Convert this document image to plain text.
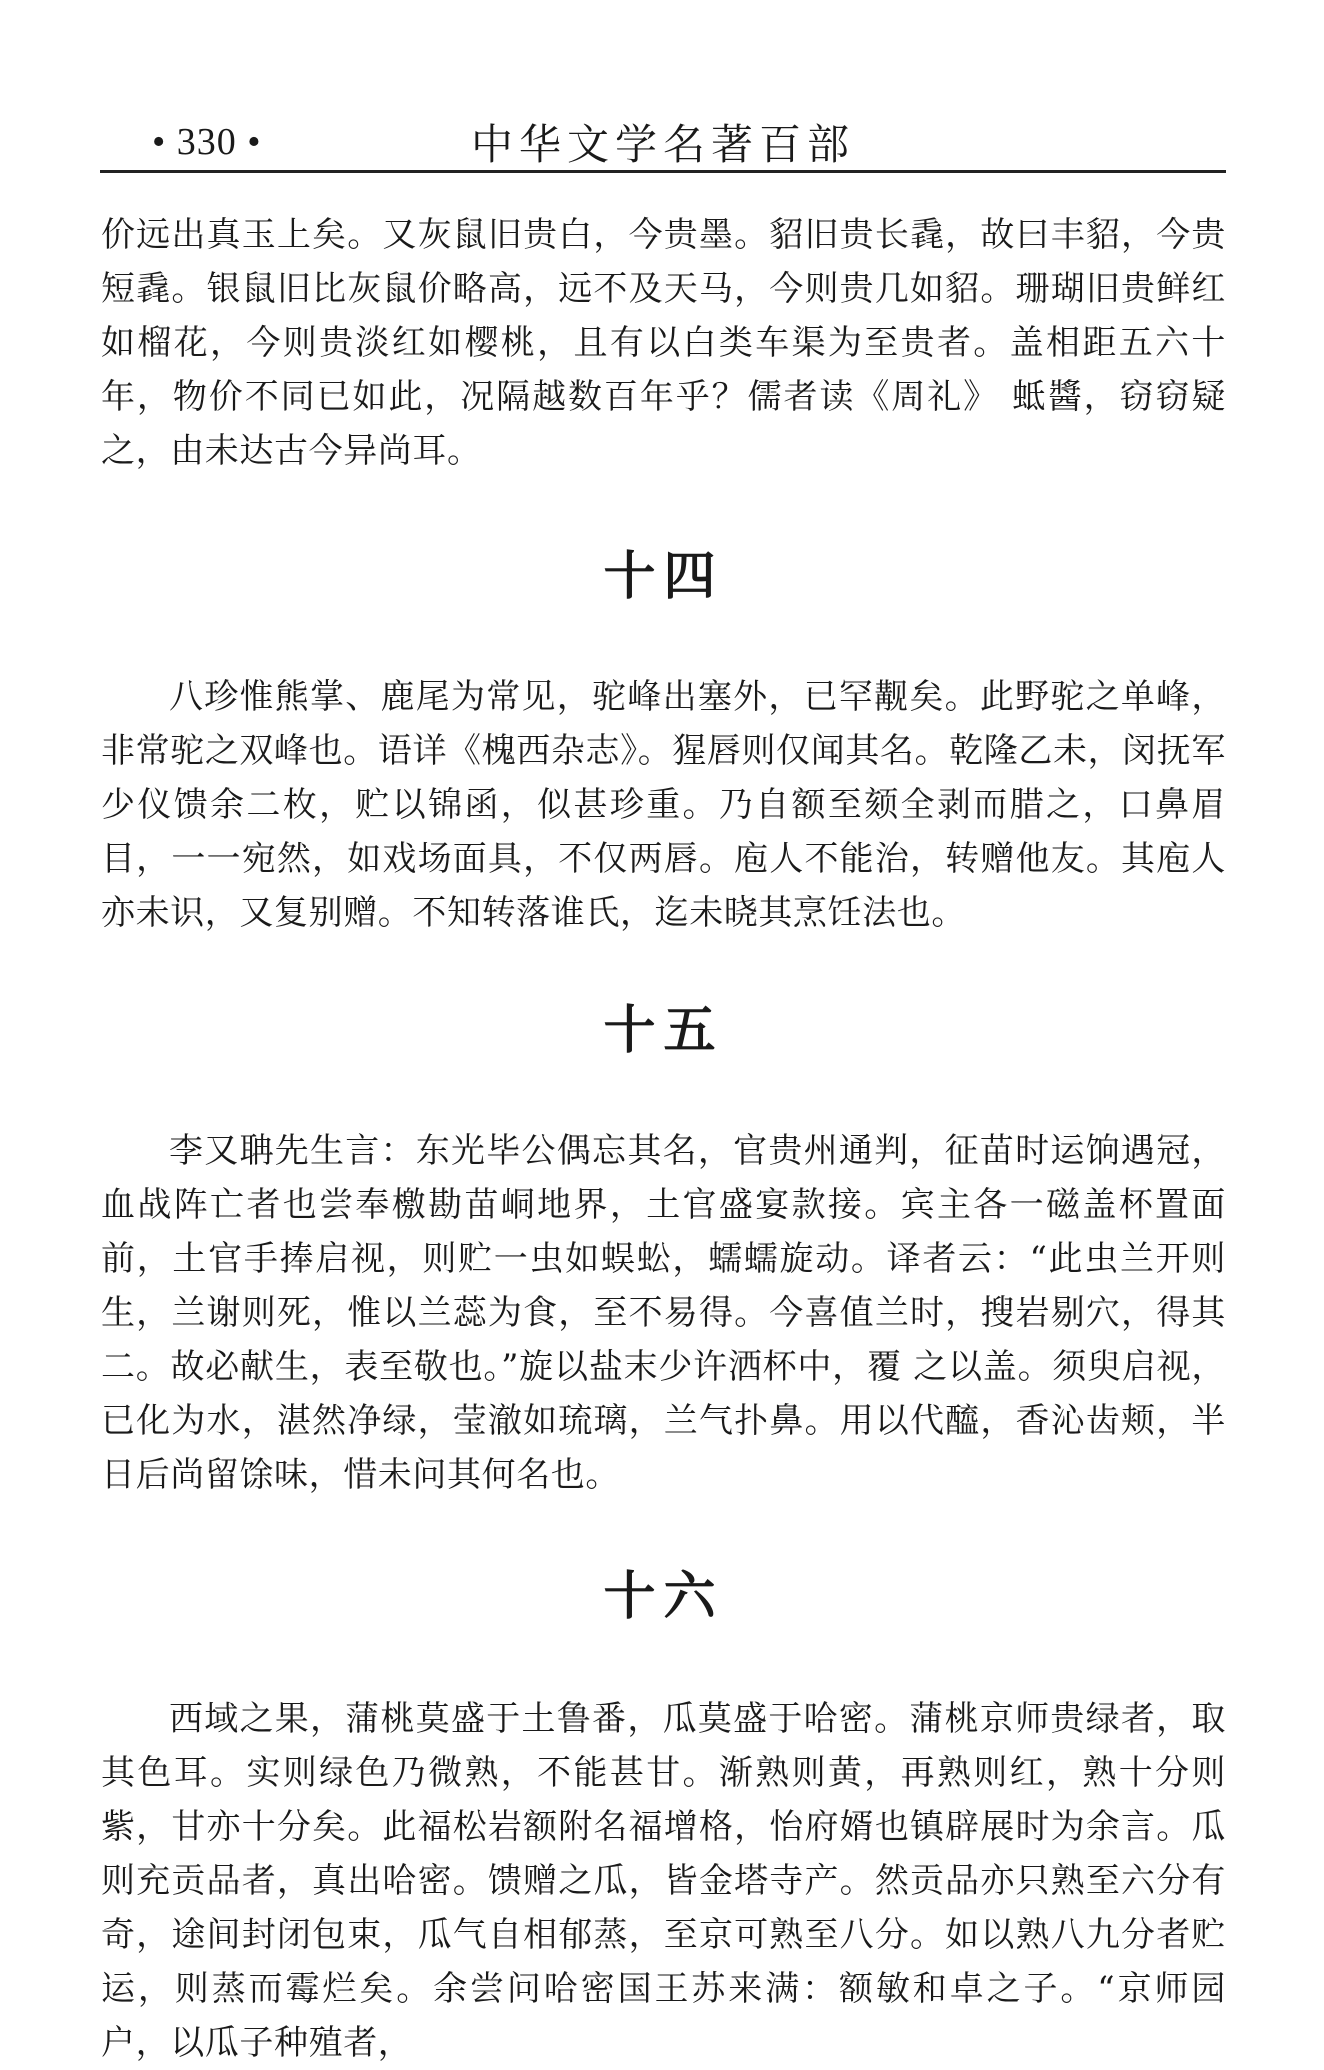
• 330 •	中华文学名著百部

价远出真玉上矣。又灰鼠旧贵白，今贵墨。貂旧贵长毳，故曰丰貂，今贵短毳。银鼠旧比灰鼠价略高，远不及天马，今则贵几如貂。珊瑚旧贵鲜红如榴花，今则贵淡红如樱桃，且有以白类车渠为至贵者。盖相距五六十年，物价不同已如此，况隔越数百年乎？儒者读《周礼》 蚳醬，窃窃疑之，由未达古今异尚耳。

十四

八珍惟熊掌、鹿尾为常见，驼峰出塞外，已罕觏矣。此野驼之单峰，非常驼之双峰也。语详《槐西杂志》。猩唇则仅闻其名。乾隆乙未，闵抚军少仪馈余二枚，贮以锦函，似甚珍重。乃自额至颏全剥而腊之，口鼻眉目，一一宛然，如戏场面具，不仅两唇。庖人不能治，转赠他友。其庖人亦未识，又复别赠。不知转落谁氏，迄未晓其烹饪法也。

十五

李又聃先生言：东光毕公偶忘其名，官贵州通判，征苗时运饷遇冠，血战阵亡者也尝奉檄勘苗峒地界，土官盛宴款接。宾主各一磁盖杯置面前，土官手捧启视，则贮一虫如蜈蚣，蠕蠕旋动。译者云：“此虫兰开则生，兰谢则死，惟以兰蕊为食，至不易得。今喜值兰时，搜岩剔穴，得其二。故必献生，表至敬也。”旋以盐末少许洒杯中，覆 之以盖。须臾启视，已化为水，湛然净绿，莹澈如琉璃，兰气扑鼻。用以代醯，香沁齿颊，半日后尚留馀味，惜未问其何名也。

十六

西域之果，蒲桃莫盛于土鲁番，瓜莫盛于哈密。蒲桃京师贵绿者，取其色耳。实则绿色乃微熟，不能甚甘。渐熟则黄，再熟则红，熟十分则紫，甘亦十分矣。此福松岩额附名福增格，怡府婿也镇辟展时为余言。瓜则充贡品者，真出哈密。馈赠之瓜，皆金塔寺产。然贡品亦只熟至六分有奇，途间封闭包束，瓜气自相郁蒸，至京可熟至八分。如以熟八九分者贮运，则蒸而霉烂矣。余尝问哈密国王苏来满：额敏和卓之子。“京师园户，以瓜子种殖者，
